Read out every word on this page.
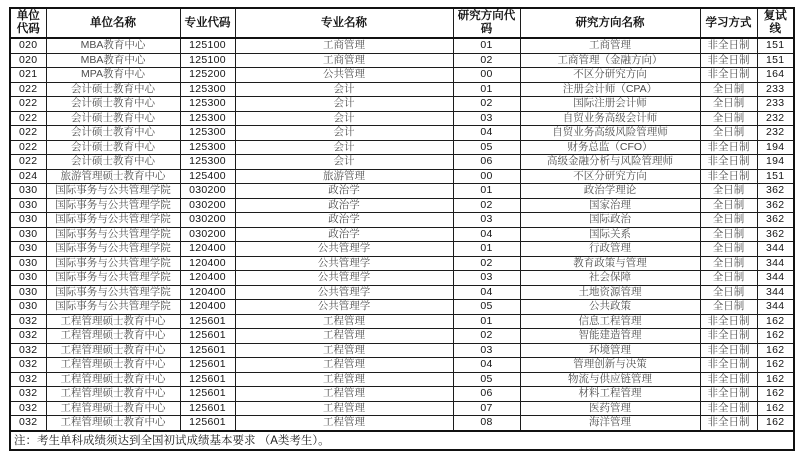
单位代码	单位名称	专业代码	专业名称	研究方向代码	研究方向名称	学习方式	复试线
020	MBA教育中心	125100	工商管理	01	工商管理	非全日制	151
020	MBA教育中心	125100	工商管理	02	工商管理（金融方向）	非全日制	151
021	MPA教育中心	125200	公共管理	00	不区分研究方向	非全日制	164
022	会计硕士教育中心	125300	会计	01	注册会计师（CPA）	全日制	233
022	会计硕士教育中心	125300	会计	02	国际注册会计师	全日制	233
022	会计硕士教育中心	125300	会计	03	自贸业务高级会计师	全日制	232
022	会计硕士教育中心	125300	会计	04	自贸业务高级风险管理师	全日制	232
022	会计硕士教育中心	125300	会计	05	财务总监（CFO）	非全日制	194
022	会计硕士教育中心	125300	会计	06	高级金融分析与风险管理师	非全日制	194
024	旅游管理硕士教育中心	125400	旅游管理	00	不区分研究方向	非全日制	151
030	国际事务与公共管理学院	030200	政治学	01	政治学理论	全日制	362
030	国际事务与公共管理学院	030200	政治学	02	国家治理	全日制	362
030	国际事务与公共管理学院	030200	政治学	03	国际政治	全日制	362
030	国际事务与公共管理学院	030200	政治学	04	国际关系	全日制	362
030	国际事务与公共管理学院	120400	公共管理学	01	行政管理	全日制	344
030	国际事务与公共管理学院	120400	公共管理学	02	教育政策与管理	全日制	344
030	国际事务与公共管理学院	120400	公共管理学	03	社会保障	全日制	344
030	国际事务与公共管理学院	120400	公共管理学	04	土地资源管理	全日制	344
030	国际事务与公共管理学院	120400	公共管理学	05	公共政策	全日制	344
032	工程管理硕士教育中心	125601	工程管理	01	信息工程管理	非全日制	162
032	工程管理硕士教育中心	125601	工程管理	02	智能建造管理	非全日制	162
032	工程管理硕士教育中心	125601	工程管理	03	环境管理	非全日制	162
032	工程管理硕士教育中心	125601	工程管理	04	管理创新与决策	非全日制	162
032	工程管理硕士教育中心	125601	工程管理	05	物流与供应链管理	非全日制	162
032	工程管理硕士教育中心	125601	工程管理	06	材料工程管理	非全日制	162
032	工程管理硕士教育中心	125601	工程管理	07	医药管理	非全日制	162
032	工程管理硕士教育中心	125601	工程管理	08	海洋管理	非全日制	162
注：考生单科成绩须达到全国初试成绩基本要求 （A类考生）。							
